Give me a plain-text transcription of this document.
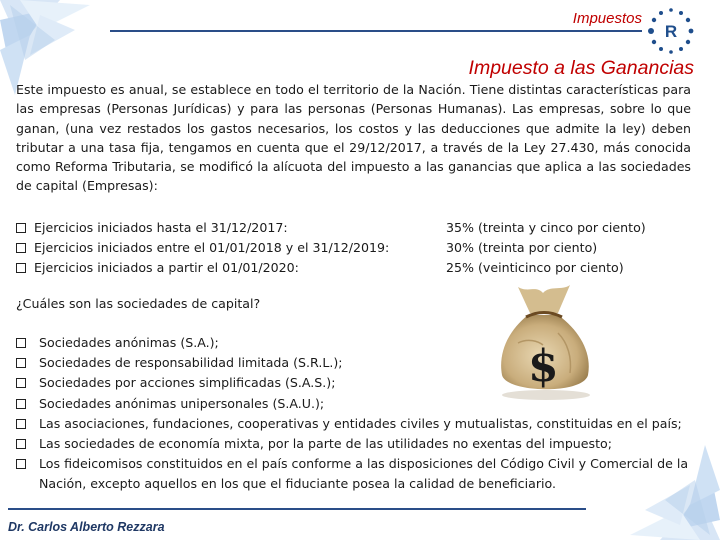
Impuestos
R
Impuesto a las Ganancias

Este impuesto es anual, se establece en todo el territorio de la Nación. Tiene distintas características para las empresas (Personas Jurídicas) y para las personas (Personas Humanas). Las empresas, sobre lo que ganan, (una vez restados los gastos necesarios, los costos y las deducciones que admite la ley) deben tributar a una tasa fija, tengamos en cuenta que el 29/12/2017, a través de la Ley 27.430, más conocida como Reforma Tributaria, se modificó la alícuota del impuesto a las ganancias que aplica a las sociedades de capital (Empresas):

Ejercicios iniciados hasta el 31/12/2017:	35% (treinta y cinco por ciento)
Ejercicios iniciados entre el 01/01/2018 y el 31/12/2019:	30% (treinta por ciento)
Ejercicios iniciados a partir el 01/01/2020:	25% (veinticinco por ciento)
¿Cuáles son las sociedades de capital?
$
Sociedades anónimas (S.A.);
Sociedades de responsabilidad limitada (S.R.L.);
Sociedades por acciones simplificadas (S.A.S.);
Sociedades anónimas unipersonales (S.A.U.);
Las asociaciones, fundaciones, cooperativas y entidades civiles y mutualistas, constituidas en el país;
Las sociedades de economía mixta, por la parte de las utilidades no exentas del impuesto;
Los fideicomisos constituidos en el país conforme a las disposiciones del Código Civil y Comercial de la Nación, excepto aquellos en los que el fiduciante posea la calidad de beneficiario.
Dr. Carlos Alberto Rezzara
